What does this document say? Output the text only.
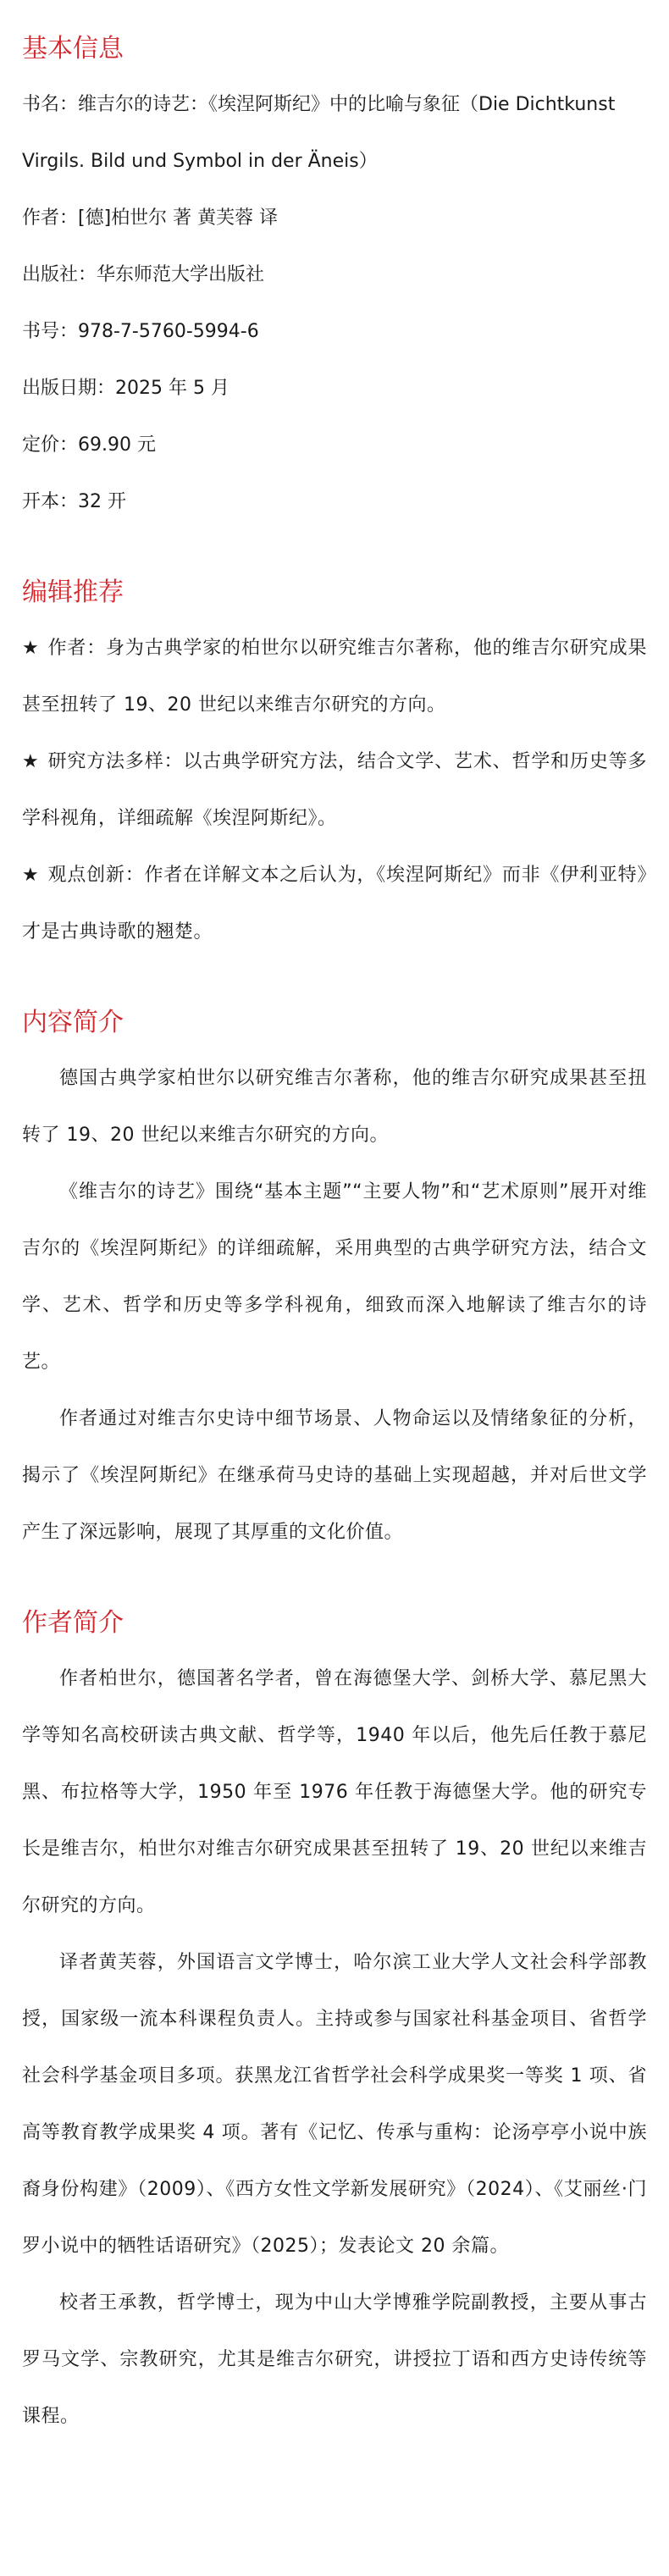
基本信息

书名：维吉尔的诗艺：《埃涅阿斯纪》中的比喻与象征（Die Dichtkunst Virgils. Bild und Symbol in der Äneis）

作者：[德]柏世尔 著 黄芙蓉 译

出版社：华东师范大学出版社

书号：978-7-5760-5994-6

出版日期：2025 年 5 月

定价：69.90 元

开本：32 开

编辑推荐

★ 作者：身为古典学家的柏世尔以研究维吉尔著称，他的维吉尔研究成果甚至扭转了 19、20 世纪以来维吉尔研究的方向。

★ 研究方法多样：以古典学研究方法，结合文学、艺术、哲学和历史等多学科视角，详细疏解《埃涅阿斯纪》。

★ 观点创新：作者在详解文本之后认为，《埃涅阿斯纪》而非《伊利亚特》才是古典诗歌的翘楚。

内容简介

德国古典学家柏世尔以研究维吉尔著称，他的维吉尔研究成果甚至扭转了 19、20 世纪以来维吉尔研究的方向。

《维吉尔的诗艺》围绕“基本主题”“主要人物”和“艺术原则”展开对维吉尔的《埃涅阿斯纪》的详细疏解，采用典型的古典学研究方法，结合文学、艺术、哲学和历史等多学科视角，细致而深入地解读了维吉尔的诗艺。

作者通过对维吉尔史诗中细节场景、人物命运以及情绪象征的分析，揭示了《埃涅阿斯纪》在继承荷马史诗的基础上实现超越，并对后世文学产生了深远影响，展现了其厚重的文化价值。

作者简介

作者柏世尔，德国著名学者，曾在海德堡大学、剑桥大学、慕尼黑大学等知名高校研读古典文献、哲学等，1940 年以后，他先后任教于慕尼黑、布拉格等大学，1950 年至 1976 年任教于海德堡大学。他的研究专长是维吉尔，柏世尔对维吉尔研究成果甚至扭转了 19、20 世纪以来维吉尔研究的方向。

译者黄芙蓉，外国语言文学博士，哈尔滨工业大学人文社会科学部教授，国家级一流本科课程负责人。主持或参与国家社科基金项目、省哲学社会科学基金项目多项。获黑龙江省哲学社会科学成果奖一等奖 1 项、省高等教育教学成果奖 4 项。著有《记忆、传承与重构：论汤亭亭小说中族裔身份构建》（2009）、《西方女性文学新发展研究》（2024）、《艾丽丝·门罗小说中的牺牲话语研究》（2025）；发表论文 20 余篇。

校者王承教，哲学博士，现为中山大学博雅学院副教授，主要从事古罗马文学、宗教研究，尤其是维吉尔研究，讲授拉丁语和西方史诗传统等课程。
